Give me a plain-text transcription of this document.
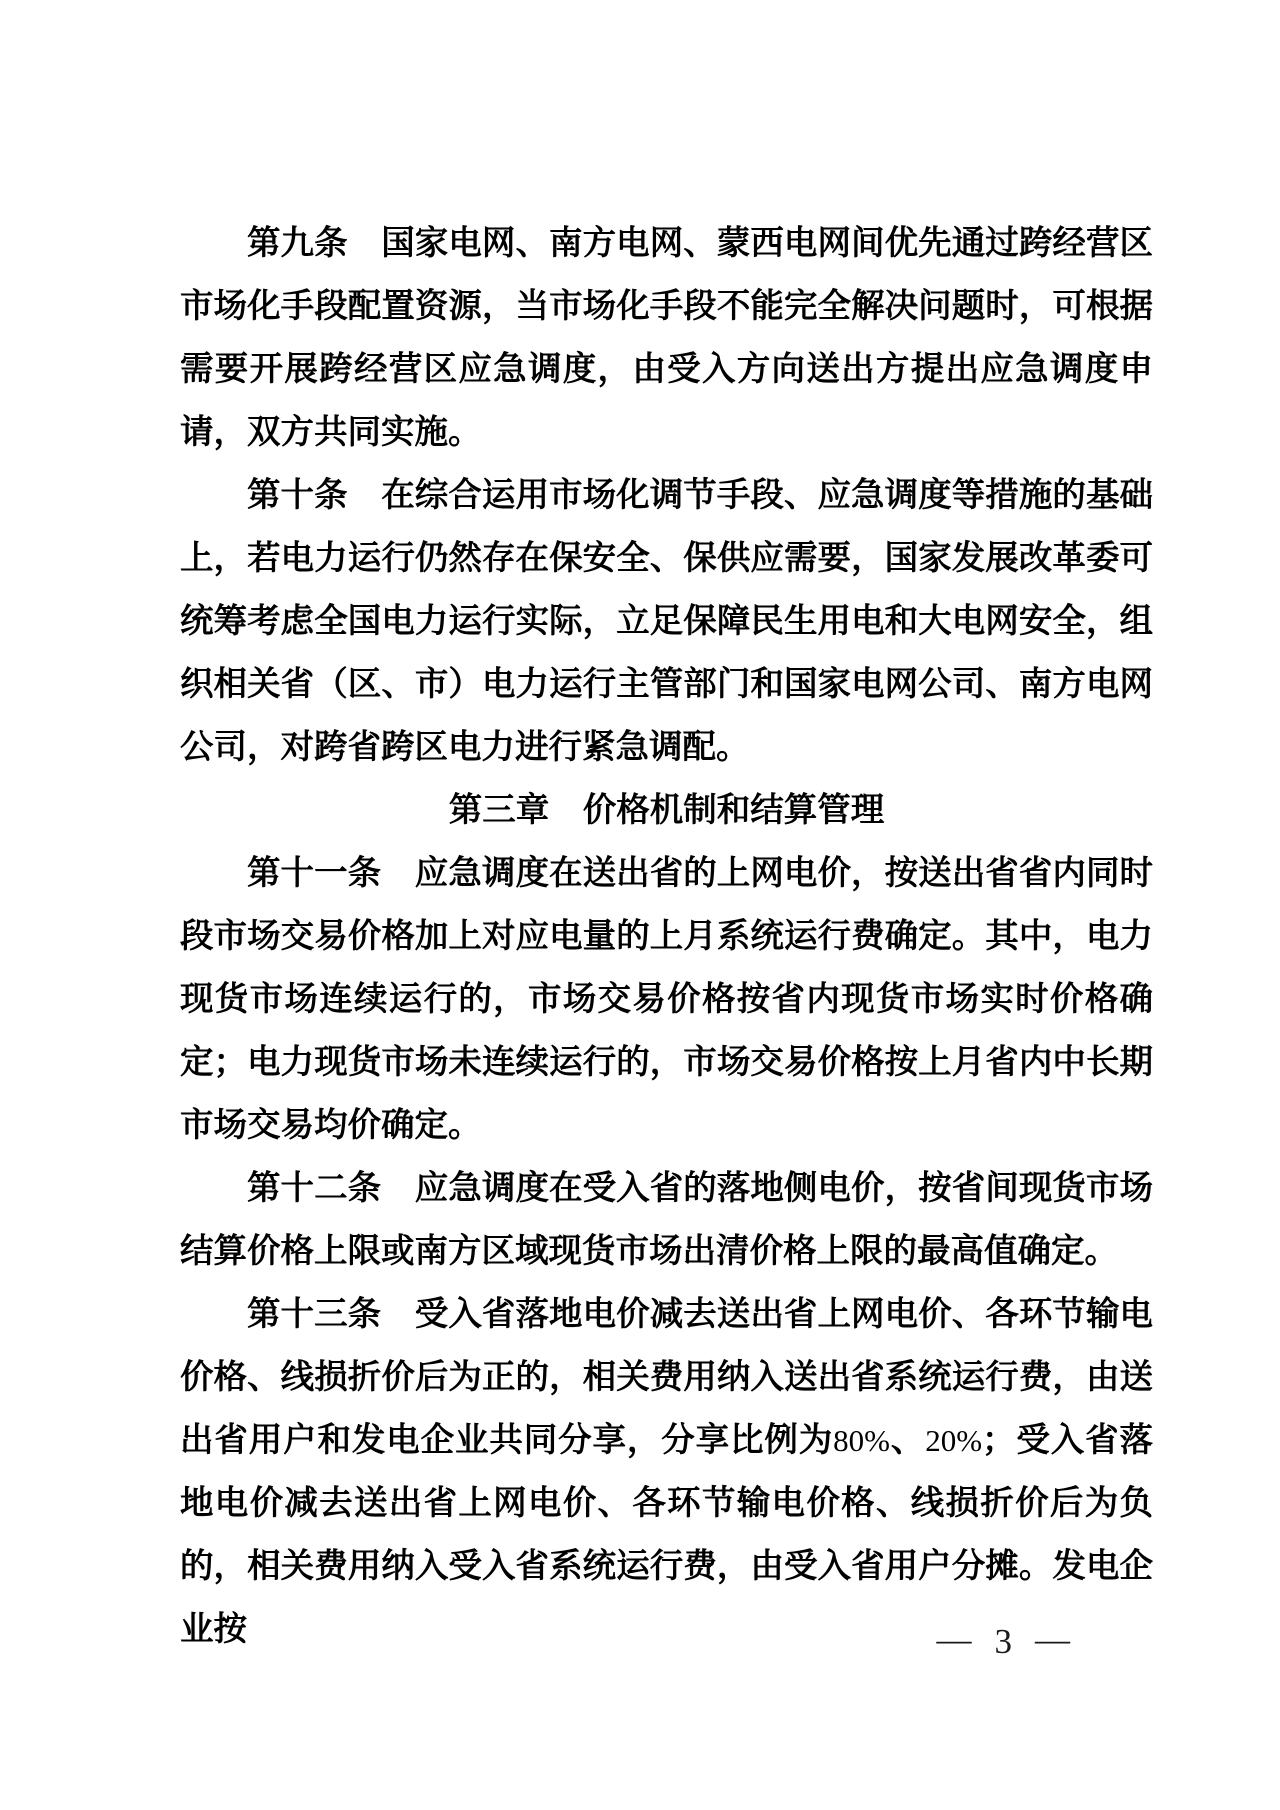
第九条　国家电网、南方电网、蒙西电网间优先通过跨经营区市场化手段配置资源，当市场化手段不能完全解决问题时，可根据需要开展跨经营区应急调度，由受入方向送出方提出应急调度申请，双方共同实施。

第十条　在综合运用市场化调节手段、应急调度等措施的基础上，若电力运行仍然存在保安全、保供应需要，国家发展改革委可统筹考虑全国电力运行实际，立足保障民生用电和大电网安全，组织相关省（区、市）电力运行主管部门和国家电网公司、南方电网公司，对跨省跨区电力进行紧急调配。

第三章　价格机制和结算管理

第十一条　应急调度在送出省的上网电价，按送出省省内同时段市场交易价格加上对应电量的上月系统运行费确定。其中，电力现货市场连续运行的，市场交易价格按省内现货市场实时价格确定；电力现货市场未连续运行的，市场交易价格按上月省内中长期市场交易均价确定。

第十二条　应急调度在受入省的落地侧电价，按省间现货市场结算价格上限或南方区域现货市场出清价格上限的最高值确定。

第十三条　受入省落地电价减去送出省上网电价、各环节输电价格、线损折价后为正的，相关费用纳入送出省系统运行费，由送出省用户和发电企业共同分享，分享比例为80%、20%；受入省落地电价减去送出省上网电价、各环节输电价格、线损折价后为负的，相关费用纳入受入省系统运行费，由受入省用户分摊。发电企业按	— 3 —
